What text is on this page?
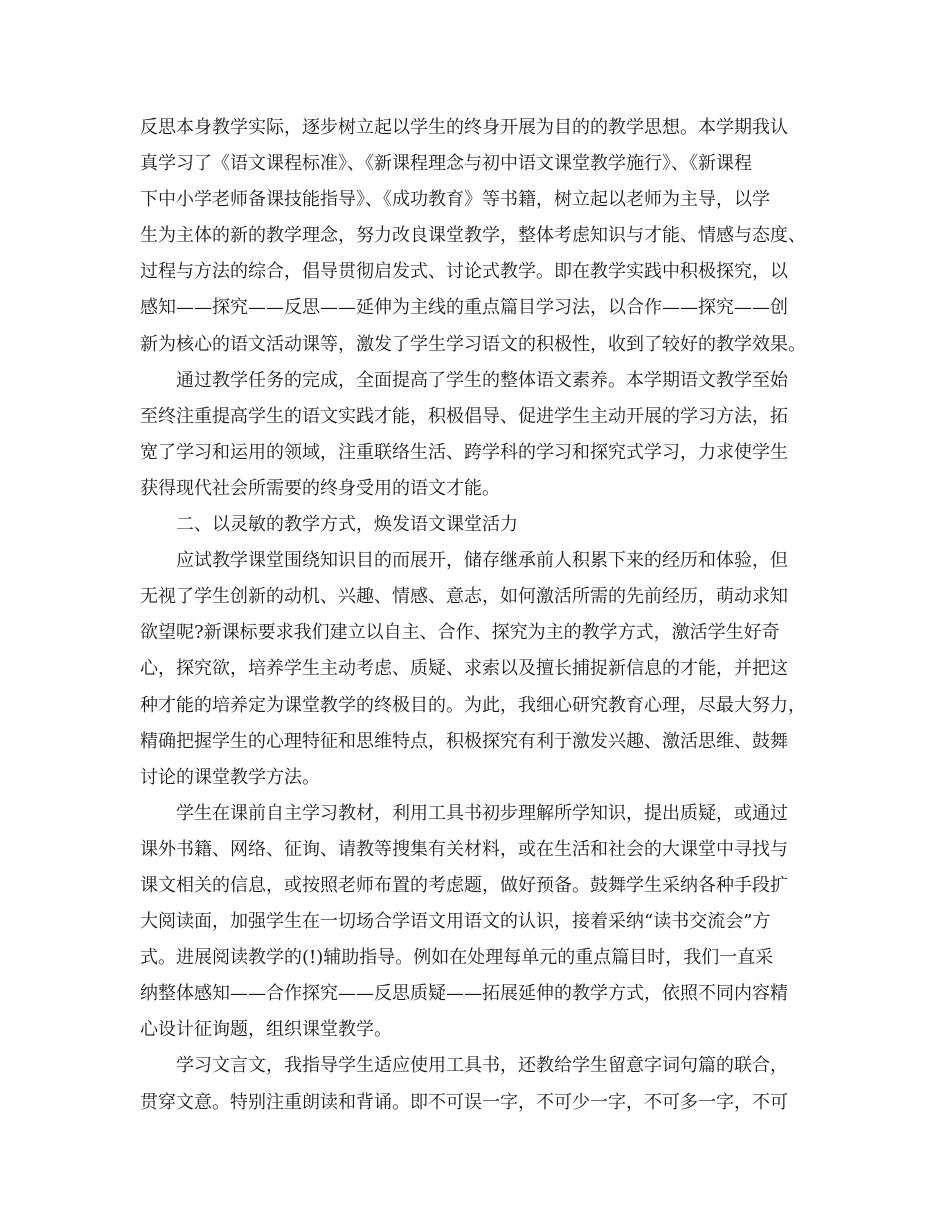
反思本身教学实际，逐步树立起以学生的终身开展为目的的教学思想。本学期我认
真学习了《语文课程标准》、《新课程理念与初中语文课堂教学施行》、《新课程
下中小学老师备课技能指导》、《成功教育》等书籍，树立起以老师为主导，以学
生为主体的新的教学理念，努力改良课堂教学，整体考虑知识与才能、情感与态度、
过程与方法的综合，倡导贯彻启发式、讨论式教学。即在教学实践中积极探究，以
感知——探究——反思——延伸为主线的重点篇目学习法，以合作——探究——创
新为核心的语文活动课等，激发了学生学习语文的积极性，收到了较好的教学效果。
通过教学任务的完成，全面提高了学生的整体语文素养。本学期语文教学至始
至终注重提高学生的语文实践才能，积极倡导、促进学生主动开展的学习方法，拓
宽了学习和运用的领域，注重联络生活、跨学科的学习和探究式学习，力求使学生
获得现代社会所需要的终身受用的语文才能。
二、以灵敏的教学方式，焕发语文课堂活力
应试教学课堂围绕知识目的而展开，储存继承前人积累下来的经历和体验，但
无视了学生创新的动机、兴趣、情感、意志，如何激活所需的先前经历，萌动求知
欲望呢?新课标要求我们建立以自主、合作、探究为主的教学方式，激活学生好奇
心，探究欲，培养学生主动考虑、质疑、求索以及擅长捕捉新信息的才能，并把这
种才能的培养定为课堂教学的终极目的。为此，我细心研究教育心理，尽最大努力，
精确把握学生的心理特征和思维特点，积极探究有利于激发兴趣、激活思维、鼓舞
讨论的课堂教学方法。
学生在课前自主学习教材，利用工具书初步理解所学知识，提出质疑，或通过
课外书籍、网络、征询、请教等搜集有关材料，或在生活和社会的大课堂中寻找与
课文相关的信息，或按照老师布置的考虑题，做好预备。鼓舞学生采纳各种手段扩
大阅读面，加强学生在一切场合学语文用语文的认识，接着采纳“读书交流会”方
式。进展阅读教学的(!)辅助指导。例如在处理每单元的重点篇目时，我们一直采
纳整体感知——合作探究——反思质疑——拓展延伸的教学方式，依照不同内容精
心设计征询题，组织课堂教学。
学习文言文，我指导学生适应使用工具书，还教给学生留意字词句篇的联合，
贯穿文意。特别注重朗读和背诵。即不可误一字，不可少一字，不可多一字，不可
